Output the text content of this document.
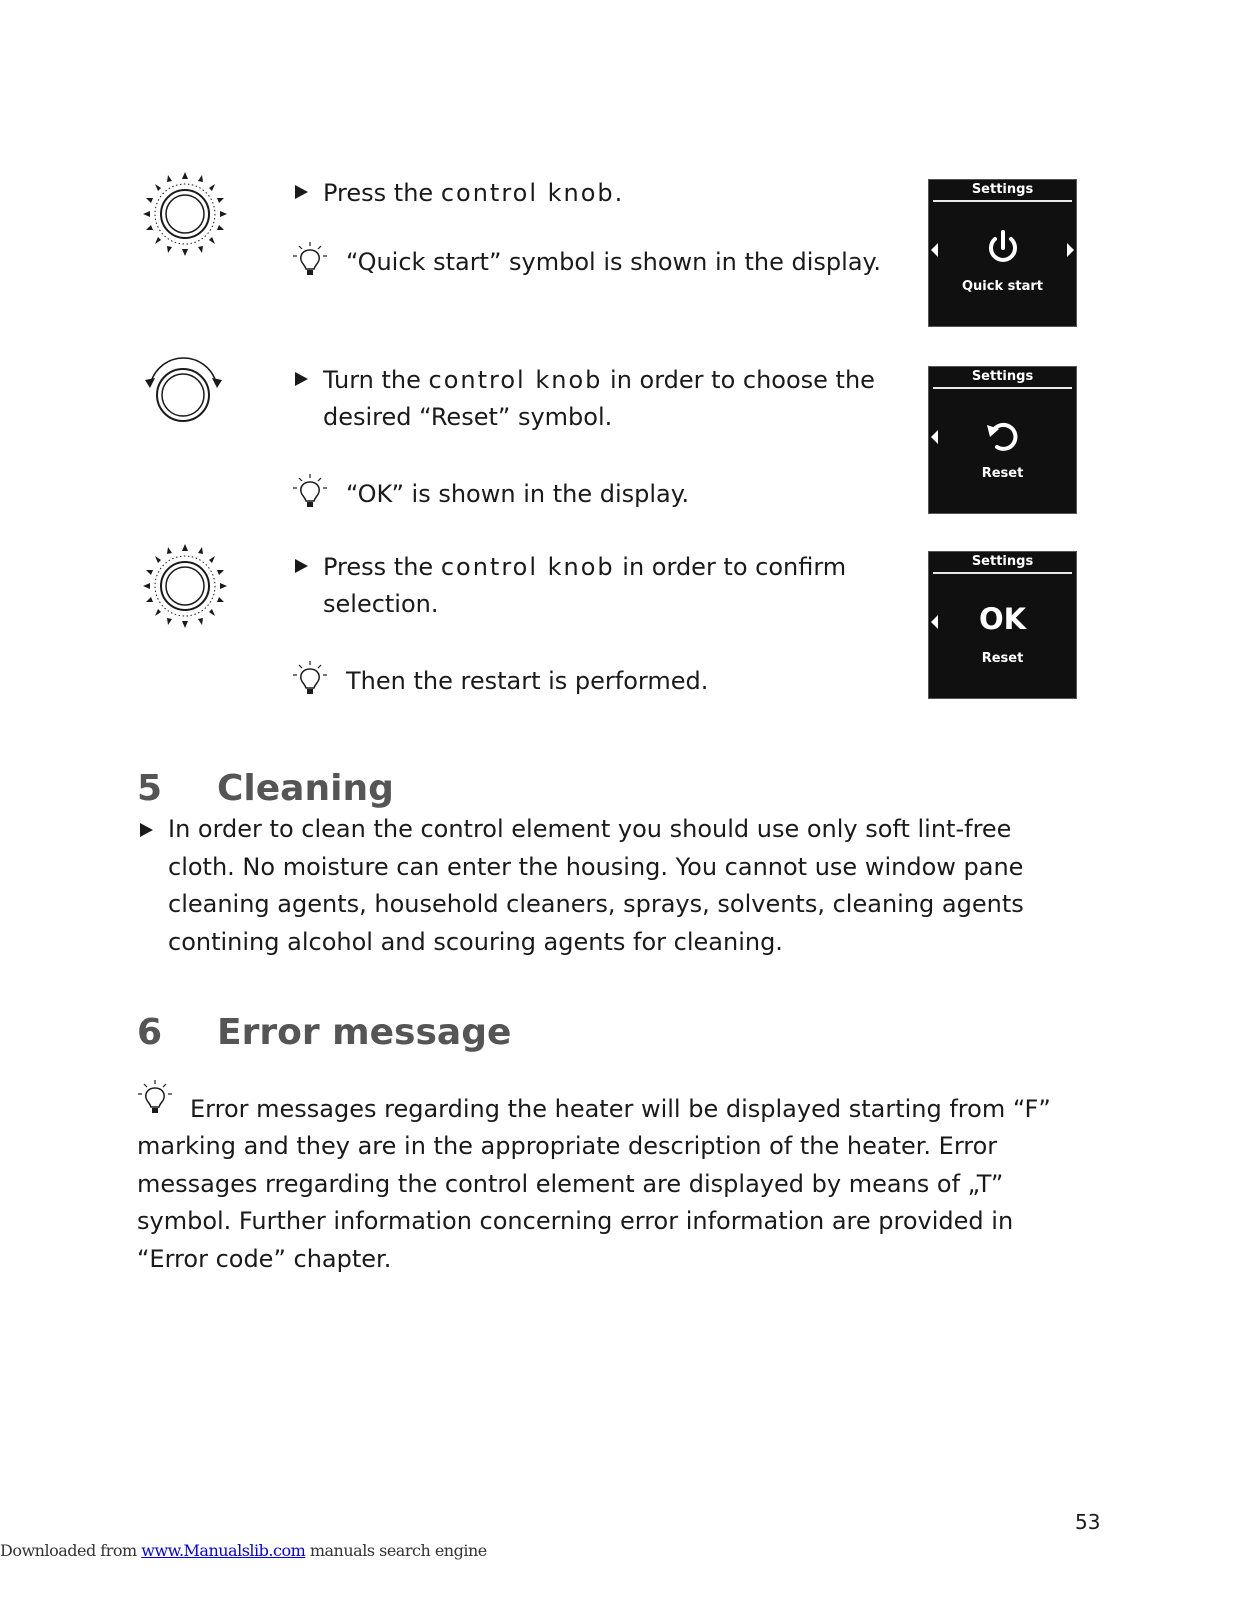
Press the control knob.
“Quick start” symbol is shown in the display.
Settings
Quick start
Turn the control knob in order to choose the desired “Reset” symbol.
“OK” is shown in the display.
Settings
Reset
Press the control knob in order to confirm selection.
Then the restart is performed.
Settings
OK
Reset
5 Cleaning
In order to clean the control element you should use only soft lint-free cloth. No moisture can enter the housing. You cannot use window pane cleaning agents, household cleaners, sprays, solvents, cleaning agents contining alcohol and scouring agents for cleaning.
6 Error message
Error messages regarding the heater will be displayed starting from “F”
marking and they are in the appropriate description of the heater. Error messages rregarding the control element are displayed by means of „T” symbol. Further information concerning error information are provided in “Error code” chapter.
53
Downloaded from www.Manualslib.com manuals search engine
